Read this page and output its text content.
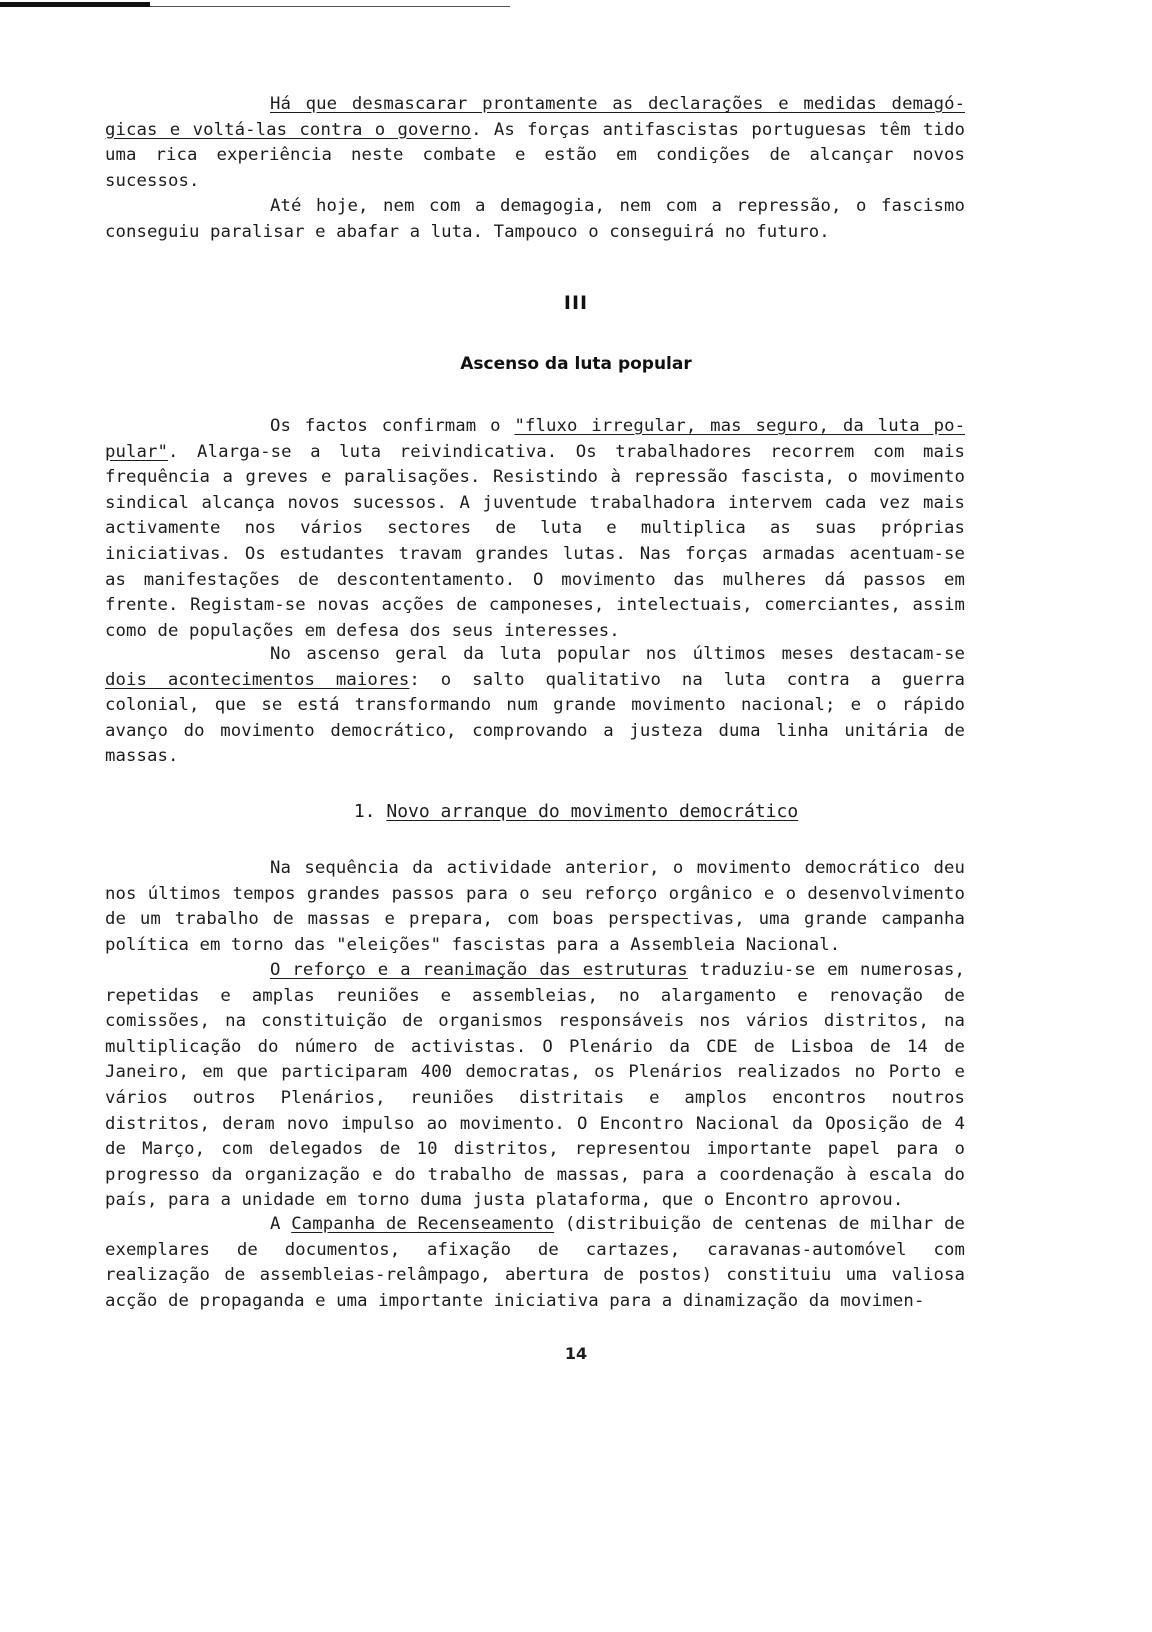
Há que desmascarar prontamente as declarações e medidas demagógicas e voltá-las contra o governo. As forças antifascistas portuguesas têm tido uma rica experiência neste combate e estão em condições de alcançar novos sucessos.

Até hoje, nem com a demagogia, nem com a repressão, o fascismo conseguiu paralisar e abafar a luta. Tampouco o conseguirá no futuro.

III
Ascenso da luta popular

Os factos confirmam o "fluxo irregular, mas seguro, da luta popular". Alarga-se a luta reivindicativa. Os trabalhadores recorrem com mais frequência a greves e paralisações. Resistindo à repressão fascista, o movimento sindical alcança novos sucessos. A juventude trabalhadora intervem cada vez mais activamente nos vários sectores de luta e multiplica as suas próprias iniciativas. Os estudantes travam grandes lutas. Nas forças armadas acentuam-se as manifestações de descontentamento. O movimento das mulheres dá passos em frente. Registam-se novas acções de camponeses, intelectuais, comerciantes, assim como de populações em defesa dos seus interesses.

No ascenso geral da luta popular nos últimos meses destacam-se dois acontecimentos maiores: o salto qualitativo na luta contra a guerra colonial, que se está transformando num grande movimento nacional; e o rápido avanço do movimento democrático, comprovando a justeza duma linha unitária de massas.

1. Novo arranque do movimento democrático

Na sequência da actividade anterior, o movimento democrático deu nos últimos tempos grandes passos para o seu reforço orgânico e o desenvolvimento de um trabalho de massas e prepara, com boas perspectivas, uma grande campanha política em torno das "eleições" fascistas para a Assembleia Nacional.

O reforço e a reanimação das estruturas traduziu-se em numerosas, repetidas e amplas reuniões e assembleias, no alargamento e renovação de comissões, na constituição de organismos responsáveis nos vários distritos, na multiplicação do número de activistas. O Plenário da CDE de Lisboa de 14 de Janeiro, em que participaram 400 democratas, os Plenários realizados no Porto e vários outros Plenários, reuniões distritais e amplos encontros noutros distritos, deram novo impulso ao movimento. O Encontro Nacional da Oposição de 4 de Março, com delegados de 10 distritos, representou importante papel para o progresso da organização e do trabalho de massas, para a coordenação à escala do país, para a unidade em torno duma justa plataforma, que o Encontro aprovou.

A Campanha de Recenseamento (distribuição de centenas de milhar de exemplares de documentos, afixação de cartazes, caravanas-automóvel com realização de assembleias-relâmpago, abertura de postos) constituiu uma valiosa acção de propaganda e uma importante iniciativa para a dinamização da movimen-

14
